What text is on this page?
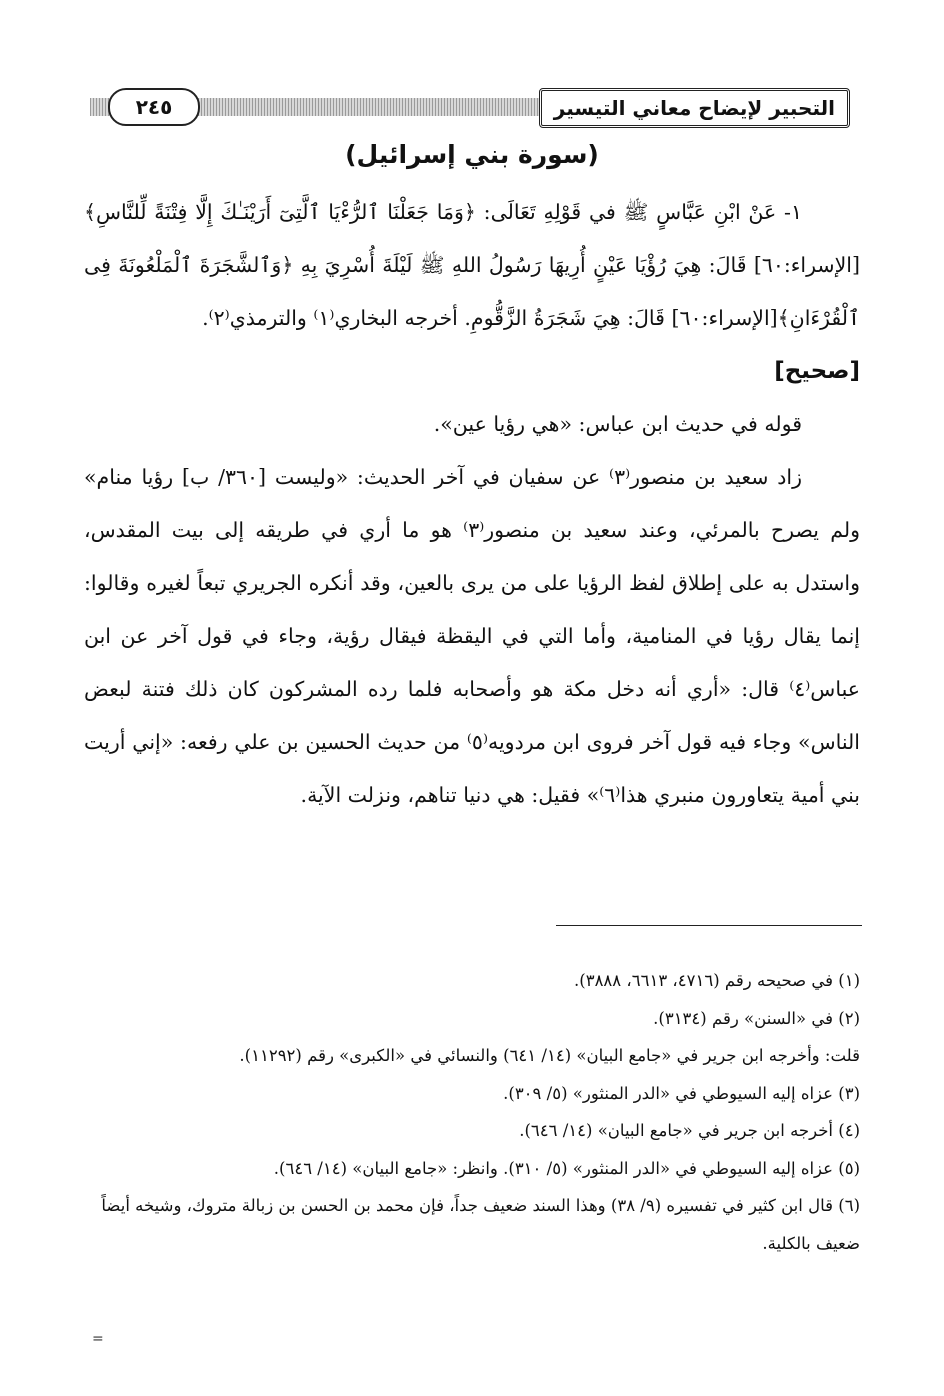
التحبير لإيضاح معاني التيسير
٢٤٥
(سورة بني إسرائيل)

١- عَنْ ابْنِ عَبَّاسٍ ﷺ في قَوْلِهِ تَعَالَى: ﴿وَمَا جَعَلْنَا ٱلرُّءْيَا ٱلَّتِىٓ أَرَيْنَـٰكَ إِلَّا فِتْنَةً لِّلنَّاسِ﴾[الإسراء:٦٠] قَالَ: هِيَ رُؤْيَا عَيْنٍ أُرِيهَا رَسُولُ اللهِ ﷺ لَيْلَةَ أُسْرِيَ بِهِ ﴿وَٱلشَّجَرَةَ ٱلْمَلْعُونَةَ فِى ٱلْقُرْءَانِ﴾[الإسراء:٦٠] قَالَ: هِيَ شَجَرَةُ الزَّقُّومِ. أخرجه البخاري⁽١⁾ والترمذي⁽٢⁾.

[صحيح]

قوله في حديث ابن عباس: «هي رؤيا عين».

زاد سعيد بن منصور⁽٣⁾ عن سفيان في آخر الحديث: «وليست [٣٦٠/ ب] رؤيا منام» ولم يصرح بالمرئي، وعند سعيد بن منصور⁽٣⁾ هو ما أري في طريقه إلى بيت المقدس، واستدل به على إطلاق لفظ الرؤيا على من يرى بالعين، وقد أنكره الجريري تبعاً لغيره وقالوا: إنما يقال رؤيا في المنامية، وأما التي في اليقظة فيقال رؤية، وجاء في قول آخر عن ابن عباس⁽٤⁾ قال: «أري أنه دخل مكة هو وأصحابه فلما رده المشركون كان ذلك فتنة لبعض الناس» وجاء فيه قول آخر فروى ابن مردويه⁽٥⁾ من حديث الحسين بن علي رفعه: «إني أريت بني أمية يتعاورون منبري هذا⁽٦⁾» فقيل: هي دنيا تناهم، ونزلت الآية.

(١) في صحيحه رقم (٤٧١٦، ٦٦١٣، ٣٨٨٨).

(٢) في «السنن» رقم (٣١٣٤).

قلت: وأخرجه ابن جرير في «جامع البيان» (١٤/ ٦٤١) والنسائي في «الكبرى» رقم (١١٢٩٢).

(٣) عزاه إليه السيوطي في «الدر المنثور» (٥/ ٣٠٩).

(٤) أخرجه ابن جرير في «جامع البيان» (١٤/ ٦٤٦).

(٥) عزاه إليه السيوطي في «الدر المنثور» (٥/ ٣١٠). وانظر: «جامع البيان» (١٤/ ٦٤٦).

(٦) قال ابن كثير في تفسيره (٩/ ٣٨) وهذا السند ضعيف جداً، فإن محمد بن الحسن بن زبالة متروك، وشيخه أيضاً ضعيف بالكلية.

=
